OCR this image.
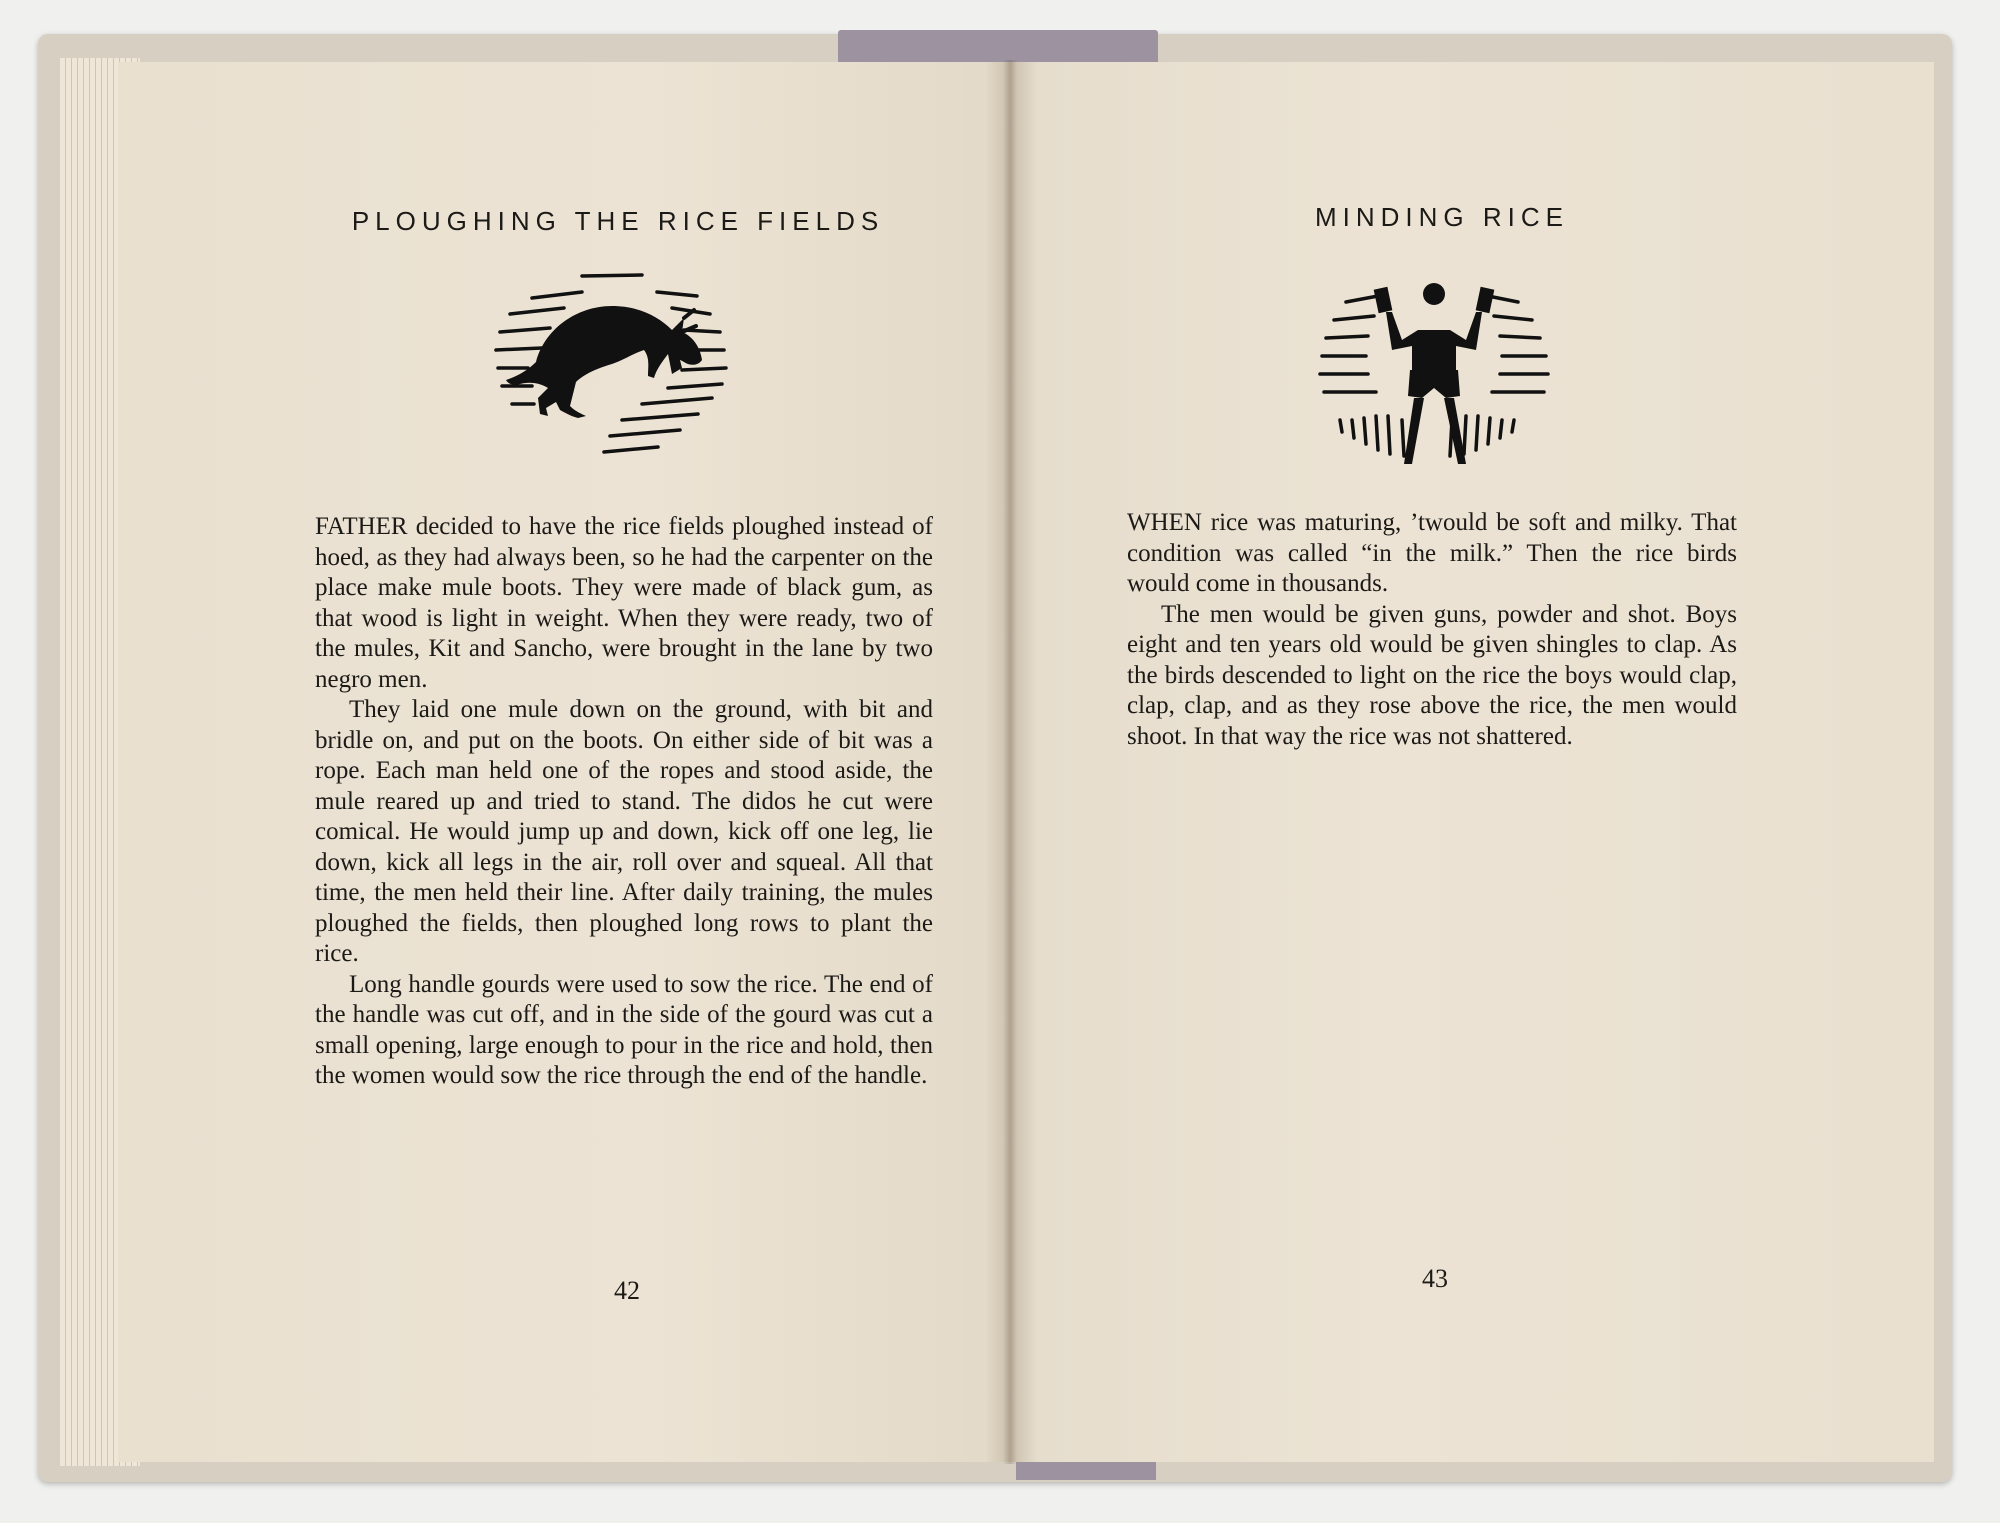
PLOUGHING THE RICE FIELDS

FATHER decided to have the rice fields ploughed instead of hoed, as they had always been, so he had the carpenter on the place make mule boots. They were made of black gum, as that wood is light in weight. When they were ready, two of the mules, Kit and Sancho, were brought in the lane by two negro men.

They laid one mule down on the ground, with bit and bridle on, and put on the boots. On either side of bit was a rope. Each man held one of the ropes and stood aside, the mule reared up and tried to stand. The didos he cut were comical. He would jump up and down, kick off one leg, lie down, kick all legs in the air, roll over and squeal. All that time, the men held their line. After daily training, the mules ploughed the fields, then ploughed long rows to plant the rice.

Long handle gourds were used to sow the rice. The end of the handle was cut off, and in the side of the gourd was cut a small opening, large enough to pour in the rice and hold, then the women would sow the rice through the end of the handle.

42
MINDING RICE

WHEN rice was maturing, ’twould be soft and milky. That condition was called “in the milk.” Then the rice birds would come in thousands.

The men would be given guns, powder and shot. Boys eight and ten years old would be given shingles to clap. As the birds descended to light on the rice the boys would clap, clap, clap, and as they rose above the rice, the men would shoot. In that way the rice was not shattered.

43
